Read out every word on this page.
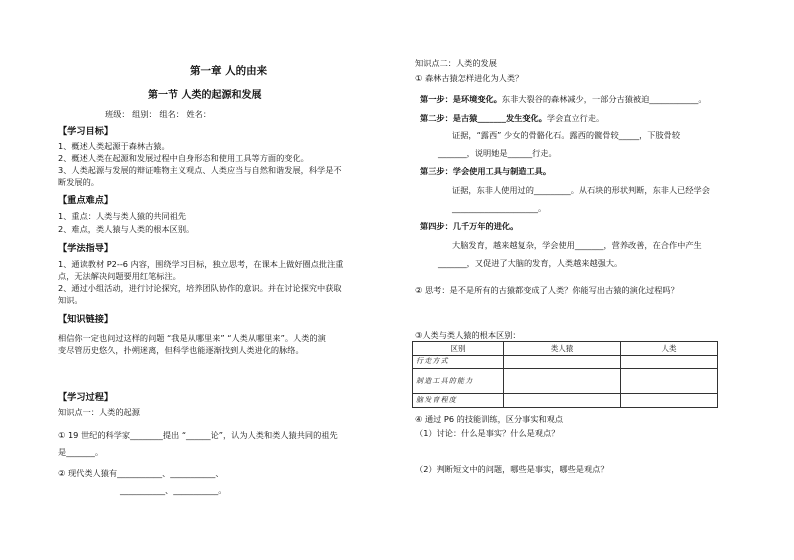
第一章 人的由来
第一节 人类的起源和发展
班级： 组别： 组名： 姓名：
【学习目标】
1、概述人类起源于森林古猿。
2、概述人类在起源和发展过程中自身形态和使用工具等方面的变化。
3、人类起源与发展的辩证唯物主义观点、人类应当与自然和谐发展，科学是不
断发展的。
【重点难点】
1、重点：人类与类人猿的共同祖先
2、难点，类人猿与人类的根本区别。
【学法指导】
1、通读教材 P2--6 内容，围绕学习目标，独立思考，在课本上做好圈点批注重
点，无法解决问题要用红笔标注。
2、通过小组活动，进行讨论探究，培养团队协作的意识。并在讨论探究中获取
知识。
【知识链接】
相信你一定也问过这样的问题 “我是从哪里来” “人类从哪里来”。人类的演
变尽管历史悠久，扑朔迷离，但科学也能逐渐找到人类进化的脉络。
【学习过程】
知识点一：人类的起源
① 19 世纪的科学家________提出 “______论”，认为人类和类人猿共同的祖先
是_______。
② 现代类人猿有___________、___________、
___________、___________。
知识点二：人类的发展
① 森林古猿怎样进化为人类？
第一步：是环境变化。东非大裂谷的森林减少，一部分古猿被迫____________。
第二步：是古猿_______发生变化。学会直立行走。
证据，“露西” 少女的骨骼化石。露西的髋骨较_____，下肢骨较
_______，说明她是______行走。
第三步：学会使用工具与制造工具。
证据，东非人使用过的_________。从石块的形状判断，东非人已经学会
_____________________。
第四步：几千万年的进化。
大脑发育，越来越复杂，学会使用_______，营养改善，在合作中产生
_______，又促进了大脑的发育，人类越来越强大。
② 思考：是不是所有的古猿都变成了人类？你能写出古猿的演化过程吗？
③人类与类人猿的根本区别：
区别	类人猿	人类
行走方式		
制造工具的能力		
脑发育程度		
④ 通过 P6 的技能训练，区分事实和观点
（1）讨论：什么是事实？什么是观点？
（2）判断短文中的问题，哪些是事实，哪些是观点？
